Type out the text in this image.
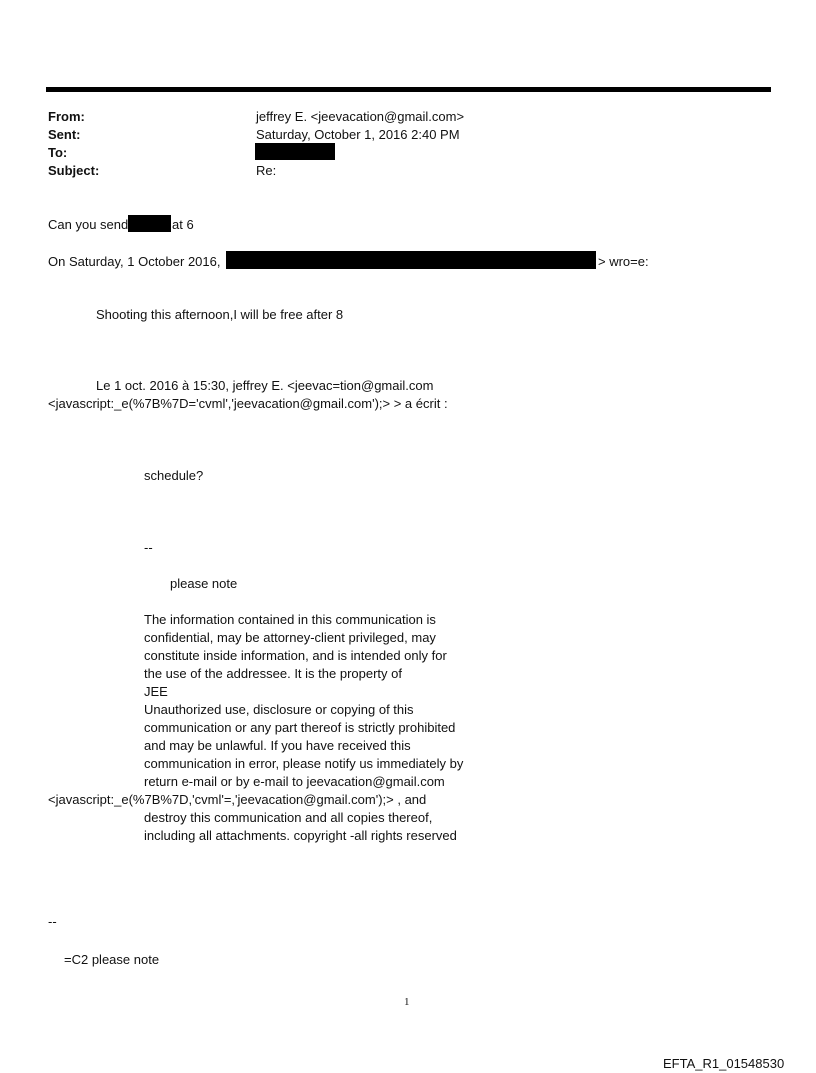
From:	jeffrey E. <jeevacation@gmail.com>
Sent:	Saturday, October 1, 2016 2:40 PM
To:
Subject:	Re:
Can you send	at 6
On Saturday, 1 October 2016,	> wro=e:
Shooting this afternoon,I will be free after 8
Le 1 oct. 2016 à 15:30, jeffrey E. <jeevac=tion@gmail.com
<javascript:_e(%7B%7D='cvml','jeevacation@gmail.com');> > a écrit :
schedule?
--
please note
The information contained in this communication is
confidential, may be attorney-client privileged, may
constitute inside information, and is intended only for
the use of the addressee. It is the property of
JEE
Unauthorized use, disclosure or copying of this
communication or any part thereof is strictly prohibited
and may be unlawful. If you have received this
communication in error, please notify us immediately by
return e-mail or by e-mail to jeevacation@gmail.com
<javascript:_e(%7B%7D,'cvml'=,'jeevacation@gmail.com');> , and
destroy this communication and all copies thereof,
including all attachments. copyright -all rights reserved
--
=C2 please note
1
EFTA_R1_01548530
